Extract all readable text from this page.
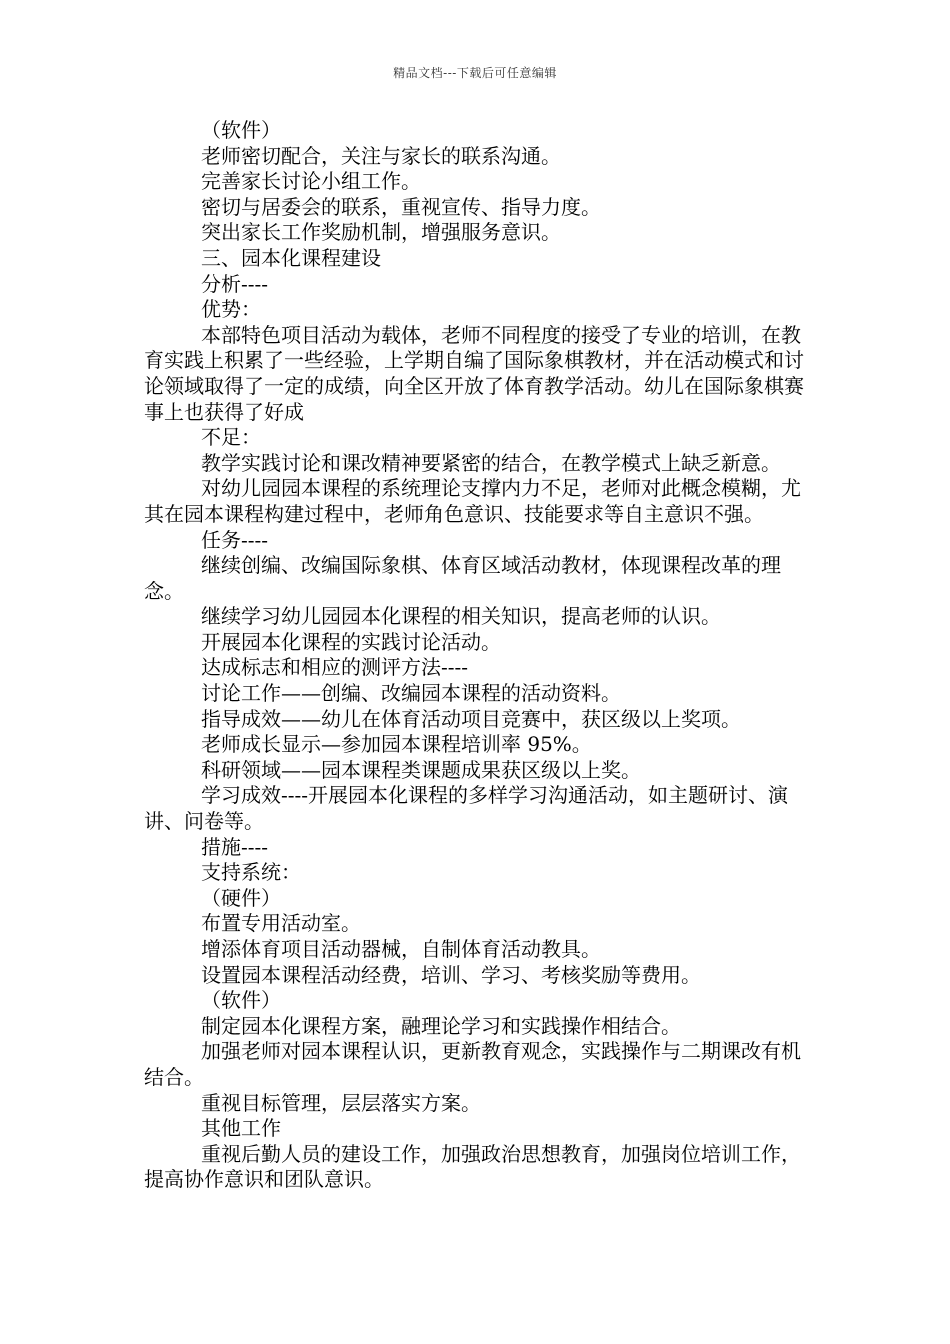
精品文档---下载后可任意编辑

（软件）

老师密切配合，关注与家长的联系沟通。

完善家长讨论小组工作。

密切与居委会的联系，重视宣传、指导力度。

突出家长工作奖励机制，增强服务意识。

三、园本化课程建设

分析----

优势：

本部特色项目活动为载体，老师不同程度的接受了专业的培训，在教育实践上积累了一些经验，上学期自编了国际象棋教材，并在活动模式和讨论领域取得了一定的成绩，向全区开放了体育教学活动。幼儿在国际象棋赛事上也获得了好成

不足：

教学实践讨论和课改精神要紧密的结合，在教学模式上缺乏新意。

对幼儿园园本课程的系统理论支撑内力不足，老师对此概念模糊，尤其在园本课程构建过程中，老师角色意识、技能要求等自主意识不强。

任务----

继续创编、改编国际象棋、体育区域活动教材，体现课程改革的理念。

继续学习幼儿园园本化课程的相关知识，提高老师的认识。

开展园本化课程的实践讨论活动。

达成标志和相应的测评方法----

讨论工作——创编、改编园本课程的活动资料。

指导成效——幼儿在体育活动项目竞赛中，获区级以上奖项。

老师成长显示—参加园本课程培训率 95%。

科研领域——园本课程类课题成果获区级以上奖。

学习成效----开展园本化课程的多样学习沟通活动，如主题研讨、演讲、问卷等。

措施----

支持系统：

（硬件）

布置专用活动室。

增添体育项目活动器械，自制体育活动教具。

设置园本课程活动经费，培训、学习、考核奖励等费用。

（软件）

制定园本化课程方案，融理论学习和实践操作相结合。

加强老师对园本课程认识，更新教育观念，实践操作与二期课改有机结合。

重视目标管理，层层落实方案。

其他工作

重视后勤人员的建设工作，加强政治思想教育，加强岗位培训工作，提高协作意识和团队意识。
